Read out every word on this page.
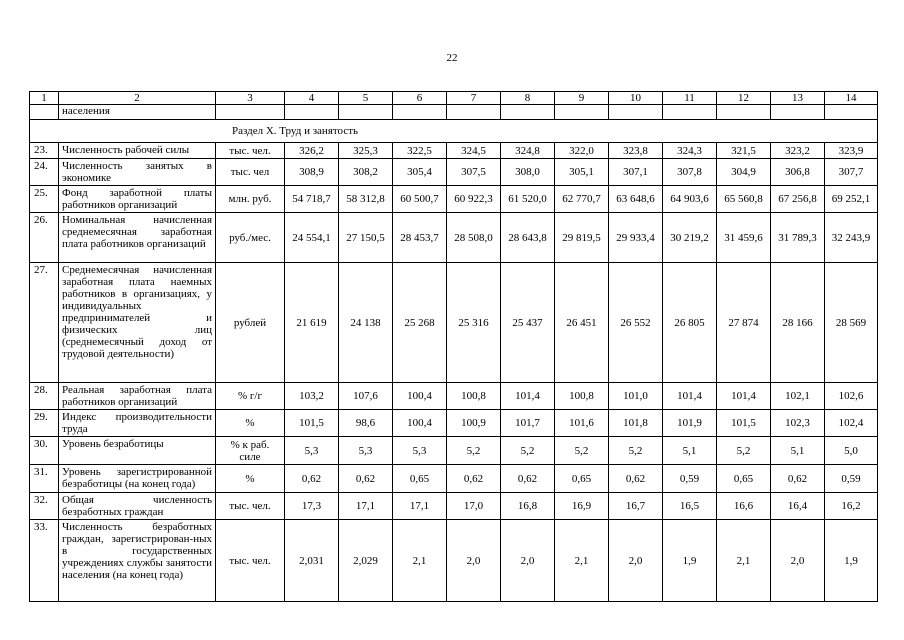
22
1	2	3	4	5	6	7	8	9	10	11	12	13	14
	населения												
Раздел X. Труд и занятость													
23.	Численность рабочей силы	тыс. чел.	326,2	325,3	322,5	324,5	324,8	322,0	323,8	324,3	321,5	323,2	323,9
24.	Численность занятых в экономике	тыс. чел	308,9	308,2	305,4	307,5	308,0	305,1	307,1	307,8	304,9	306,8	307,7
25.	Фонд заработной платы работников организаций	млн. руб.	54 718,7	58 312,8	60 500,7	60 922,3	61 520,0	62 770,7	63 648,6	64 903,6	65 560,8	67 256,8	69 252,1
26.	Номинальная начисленная среднемесячная заработная плата работников организаций	руб./мес.	24 554,1	27 150,5	28 453,7	28 508,0	28 643,8	29 819,5	29 933,4	30 219,2	31 459,6	31 789,3	32 243,9
27.	Среднемесячная начисленная заработная плата наемных работников в организациях, у индивидуальных предпринимателей и физических лиц (среднемесячный доход от трудовой деятельности)	рублей	21 619	24 138	25 268	25 316	25 437	26 451	26 552	26 805	27 874	28 166	28 569
28.	Реальная заработная плата работников организаций	% г/г	103,2	107,6	100,4	100,8	101,4	100,8	101,0	101,4	101,4	102,1	102,6
29.	Индекс производительности труда	%	101,5	98,6	100,4	100,9	101,7	101,6	101,8	101,9	101,5	102,3	102,4
30.	Уровень безработицы	% к раб. силе	5,3	5,3	5,3	5,2	5,2	5,2	5,2	5,1	5,2	5,1	5,0
31.	Уровень зарегистрированной безработицы (на конец года)	%	0,62	0,62	0,65	0,62	0,62	0,65	0,62	0,59	0,65	0,62	0,59
32.	Общая численность безработных граждан	тыс. чел.	17,3	17,1	17,1	17,0	16,8	16,9	16,7	16,5	16,6	16,4	16,2
33.	Численность безработных граждан, зарегистрирован-ных в государственных учреждениях службы занятости населения (на конец года)	тыс. чел.	2,031	2,029	2,1	2,0	2,0	2,1	2,0	1,9	2,1	2,0	1,9
